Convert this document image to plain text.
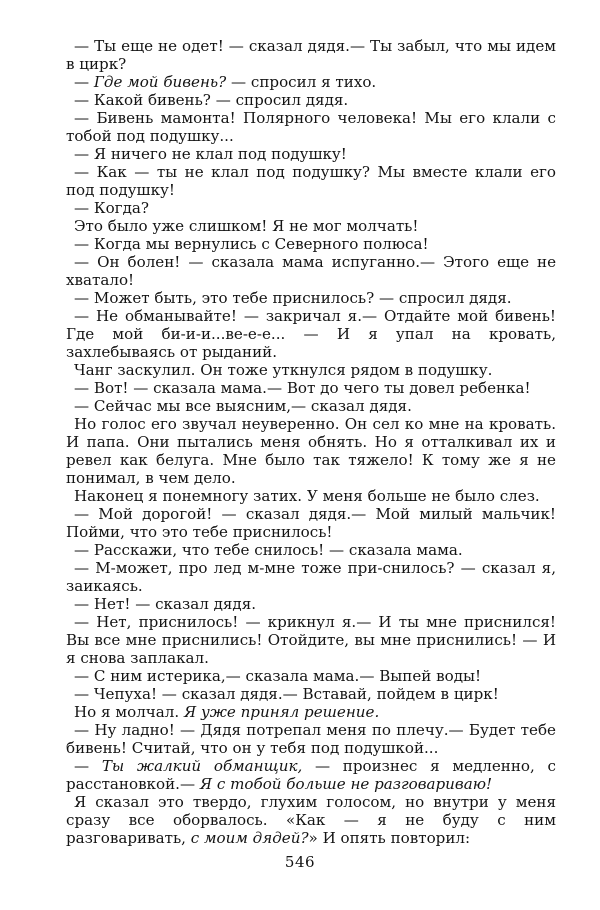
— Ты еще не одет! — сказал дядя.— Ты забыл, что мы идем в цирк?

— Где мой бивень? — спросил я тихо.

— Какой бивень? — спросил дядя.

— Бивень мамонта! Полярного человека! Мы его клали с тобой под подушку...

— Я ничего не клал под подушку!

— Как — ты не клал под подушку? Мы вместе клали его под подушку!

— Когда?

Это было уже слишком! Я не мог молчать!

— Когда мы вернулись с Северного полюса!

— Он болен! — сказала мама испуганно.— Этого еще не хватало!

— Может быть, это тебе приснилось? — спросил дядя.

— Не обманывайте! — закричал я.— Отдайте мой бивень! Где мой би-и-и...ве-е-е... — И я упал на кровать, захлебываясь от рыданий.

Чанг заскулил. Он тоже уткнулся рядом в подушку.

— Вот! — сказала мама.— Вот до чего ты довел ребенка!

— Сейчас мы все выясним,— сказал дядя.

Но голос его звучал неуверенно. Он сел ко мне на кровать. И папа. Они пытались меня обнять. Но я отталкивал их и ревел как белуга. Мне было так тяжело! К тому же я не понимал, в чем дело.

Наконец я понемногу затих. У меня больше не было слез.

— Мой дорогой! — сказал дядя.— Мой милый мальчик! Пойми, что это тебе приснилось!

— Расскажи, что тебе снилось! — сказала мама.

— М-может, про лед м-мне тоже при-снилось? — сказал я, заикаясь.

— Нет! — сказал дядя.

— Нет, приснилось! — крикнул я.— И ты мне приснился! Вы все мне приснились! Отойдите, вы мне приснились! — И я снова заплакал.

— С ним истерика,— сказала мама.— Выпей воды!

— Чепуха! — сказал дядя.— Вставай, пойдем в цирк!

Но я молчал. Я уже принял решение.

— Ну ладно! — Дядя потрепал меня по плечу.— Будет тебе бивень! Считай, что он у тебя под подушкой...

— Ты жалкий обманщик, — произнес я медленно, с расстановкой.— Я с тобой больше не разговариваю!

Я сказал это твердо, глухим голосом, но внутри у меня сразу все оборвалось. «Как — я не буду с ним разговаривать, с моим дядей?» И опять повторил:

546
